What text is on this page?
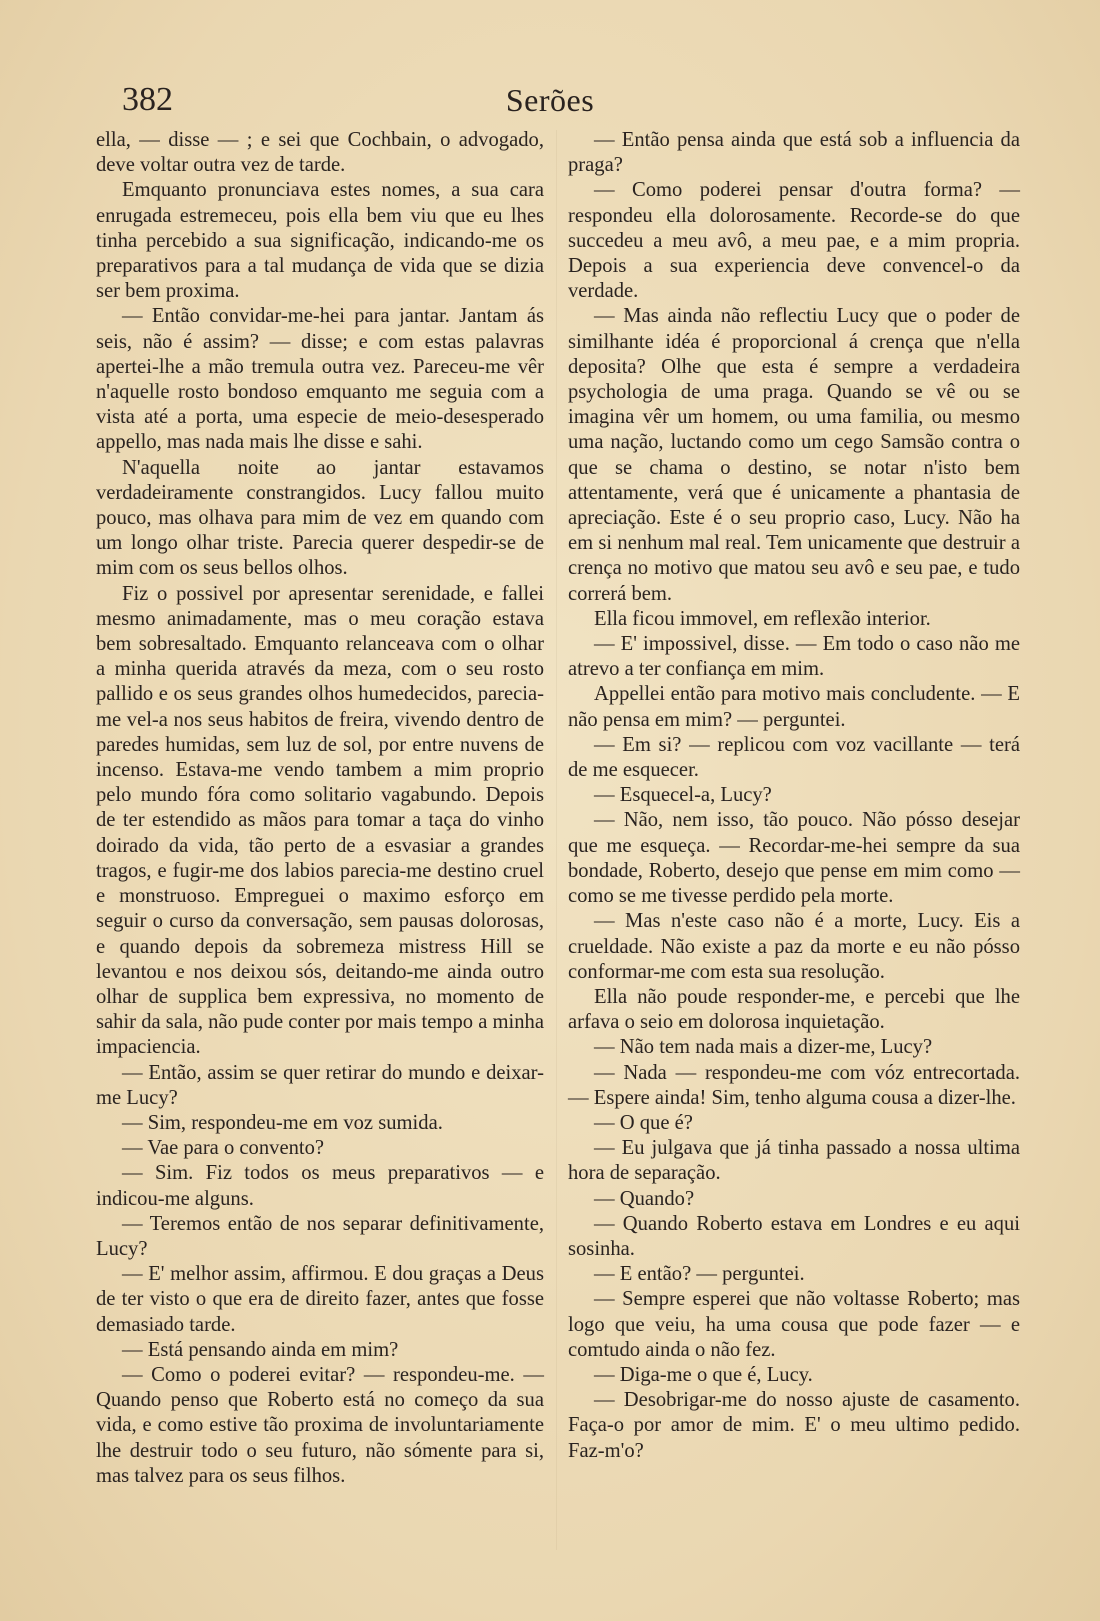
382	Serões

ella, — disse — ; e sei que Cochbain, o advogado, deve voltar outra vez de tarde.

Emquanto pronunciava estes nomes, a sua cara enrugada estremeceu, pois ella bem viu que eu lhes tinha percebido a sua significação, indicando-me os preparativos para a tal mudança de vida que se dizia ser bem proxima.

— Então convidar-me-hei para jantar. Jantam ás seis, não é assim? — disse; e com estas palavras apertei-lhe a mão tremula outra vez. Pareceu-me vêr n'aquelle rosto bondoso emquanto me seguia com a vista até a porta, uma especie de meio-desesperado appello, mas nada mais lhe disse e sahi.

N'aquella noite ao jantar estavamos verdadeiramente constrangidos. Lucy fallou muito pouco, mas olhava para mim de vez em quando com um longo olhar triste. Parecia querer despedir-se de mim com os seus bellos olhos.

Fiz o possivel por apresentar serenidade, e fallei mesmo animadamente, mas o meu coração estava bem sobresaltado. Emquanto relanceava com o olhar a minha querida através da meza, com o seu rosto pallido e os seus grandes olhos humedecidos, parecia-me vel-a nos seus habitos de freira, vivendo dentro de paredes humidas, sem luz de sol, por entre nuvens de incenso. Estava-me vendo tambem a mim proprio pelo mundo fóra como solitario vagabundo. Depois de ter estendido as mãos para tomar a taça do vinho doirado da vida, tão perto de a esvasiar a grandes tragos, e fugir-me dos labios parecia-me destino cruel e monstruoso. Empreguei o maximo esforço em seguir o curso da conversação, sem pausas dolorosas, e quando depois da sobremeza mistress Hill se levantou e nos deixou sós, deitando-me ainda outro olhar de supplica bem expressiva, no momento de sahir da sala, não pude conter por mais tempo a minha impaciencia.

— Então, assim se quer retirar do mundo e deixar-me Lucy?

— Sim, respondeu-me em voz sumida.

— Vae para o convento?

— Sim. Fiz todos os meus preparativos — e indicou-me alguns.

— Teremos então de nos separar definitivamente, Lucy?

— E' melhor assim, affirmou. E dou graças a Deus de ter visto o que era de direito fazer, antes que fosse demasiado tarde.

— Está pensando ainda em mim?

— Como o poderei evitar? — respondeu-me. — Quando penso que Roberto está no começo da sua vida, e como estive tão proxima de involuntariamente lhe destruir todo o seu futuro, não sómente para si, mas talvez para os seus filhos.

— Então pensa ainda que está sob a influencia da praga?

— Como poderei pensar d'outra forma? — respondeu ella dolorosamente. Recorde-se do que succedeu a meu avô, a meu pae, e a mim propria. Depois a sua experiencia deve convencel-o da verdade.

— Mas ainda não reflectiu Lucy que o poder de similhante idéa é proporcional á crença que n'ella deposita? Olhe que esta é sempre a verdadeira psychologia de uma praga. Quando se vê ou se imagina vêr um homem, ou uma familia, ou mesmo uma nação, luctando como um cego Samsão contra o que se chama o destino, se notar n'isto bem attentamente, verá que é unicamente a phantasia de apreciação. Este é o seu proprio caso, Lucy. Não ha em si nenhum mal real. Tem unicamente que destruir a crença no motivo que matou seu avô e seu pae, e tudo correrá bem.

Ella ficou immovel, em reflexão interior.

— E' impossivel, disse. — Em todo o caso não me atrevo a ter confiança em mim.

Appellei então para motivo mais concludente. — E não pensa em mim? — perguntei.

— Em si? — replicou com voz vacillante — terá de me esquecer.

— Esquecel-a, Lucy?

— Não, nem isso, tão pouco. Não pósso desejar que me esqueça. — Recordar-me-hei sempre da sua bondade, Roberto, desejo que pense em mim como — como se me tivesse perdido pela morte.

— Mas n'este caso não é a morte, Lucy. Eis a crueldade. Não existe a paz da morte e eu não pósso conformar-me com esta sua resolução.

Ella não poude responder-me, e percebi que lhe arfava o seio em dolorosa inquietação.

— Não tem nada mais a dizer-me, Lucy?

— Nada — respondeu-me com vóz entrecortada. — Espere ainda! Sim, tenho alguma cousa a dizer-lhe.

— O que é?

— Eu julgava que já tinha passado a nossa ultima hora de separação.

— Quando?

— Quando Roberto estava em Londres e eu aqui sosinha.

— E então? — perguntei.

— Sempre esperei que não voltasse Roberto; mas logo que veiu, ha uma cousa que pode fazer — e comtudo ainda o não fez.

— Diga-me o que é, Lucy.

— Desobrigar-me do nosso ajuste de casamento. Faça-o por amor de mim. E' o meu ultimo pedido. Faz-m'o?
